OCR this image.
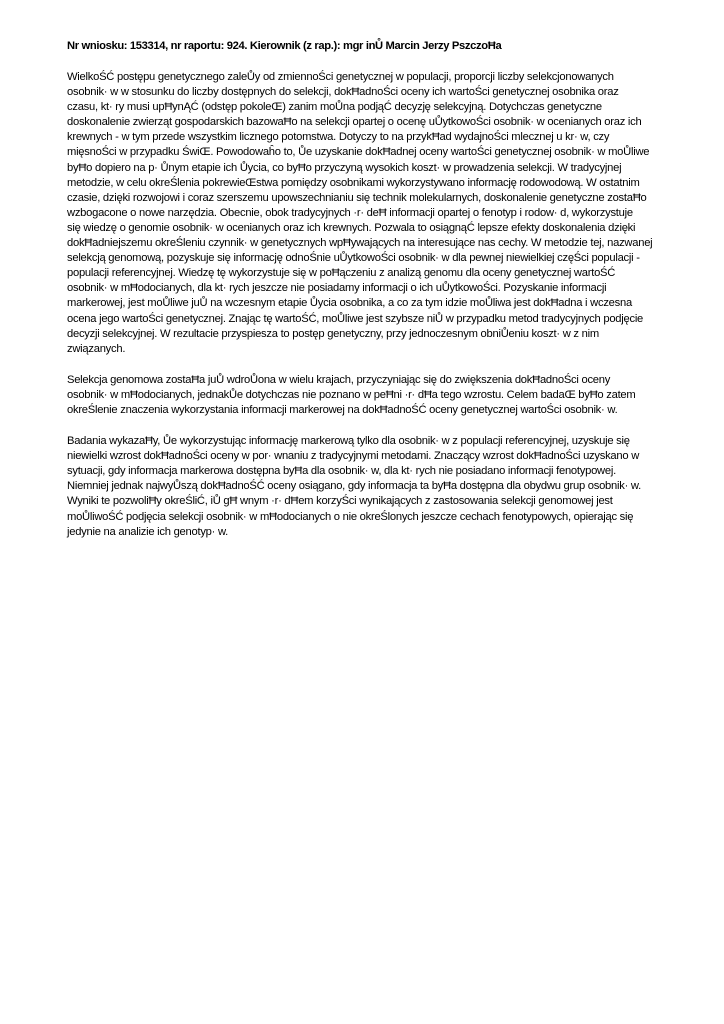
Nr wniosku: 153314, nr raportu: 924. Kierownik (z rap.): mgr inŮ Marcin Jerzy PszczoĦa
WielkoŚĆ postępu genetycznego zaleŮy od zmiennoŚci genetycznej w populacji, proporcji liczby selekcjonowanych
osobnik· w w stosunku do liczby dostępnych do selekcji, dokĦadnoŚci oceny ich wartoŚci genetycznej osobnika oraz
czasu, kt· ry musi upĦynĄĆ (odstęp pokoleŒ) zanim moŮna podjąĆ decyzję selekcyjną. Dotychczas genetyczne
doskonalenie zwierząt gospodarskich bazowaĦo na selekcji opartej o ocenę uŮytkowoŚci osobnik· w ocenianych oraz ich
krewnych - w tym przede wszystkim licznego potomstwa. Dotyczy to na przykĦad wydajnoŚci mlecznej u kr· w, czy
mięsnoŚci w przypadku ŚwiŒ. Powodowaĥo to, Ůe uzyskanie dokĦadnej oceny wartoŚci genetycznej osobnik· w moŮliwe
byĦo dopiero na p· Ůnym etapie ich Ůycia, co byĦo przyczyną wysokich koszt· w prowadzenia selekcji. W tradycyjnej
metodzie, w celu okreŚlenia pokrewieŒstwa pomiędzy osobnikami wykorzystywano informację rodowodową. W ostatnim
czasie, dzięki rozwojowi i coraz szerszemu upowszechnianiu się technik molekularnych, doskonalenie genetyczne zostaĦo
wzbogacone o nowe narzędzia. Obecnie, obok tradycyjnych ·r· deĦ informacji opartej o fenotyp i rodow· d, wykorzystuje
się wiedzę o genomie osobnik· w ocenianych oraz ich krewnych. Pozwala to osiągnąĆ lepsze efekty doskonalenia dzięki
dokĦadniejszemu okreŚleniu czynnik· w genetycznych wpĦywających na interesujące nas cechy. W metodzie tej, nazwanej
selekcją genomową, pozyskuje się informację odnoŚnie uŮytkowoŚci osobnik· w dla pewnej niewielkiej częŚci populacji -
populacji referencyjnej. Wiedzę tę wykorzystuje się w poĦączeniu z analizą genomu dla oceny genetycznej wartoŚĆ
osobnik· w mĦodocianych, dla kt· rych jeszcze nie posiadamy informacji o ich uŮytkowoŚci. Pozyskanie informacji
markerowej, jest moŮliwe juŮ na wczesnym etapie Ůycia osobnika, a co za tym idzie moŮliwa jest dokĦadna i wczesna
ocena jego wartoŚci genetycznej. Znając tę wartoŚĆ, moŮliwe jest szybsze niŮ w przypadku metod tradycyjnych podjęcie
decyzji selekcyjnej. W rezultacie przyspiesza to postęp genetyczny, przy jednoczesnym obniŮeniu koszt· w z nim
związanych.
Selekcja genomowa zostaĦa juŮ wdroŮona w wielu krajach, przyczyniając się do zwiększenia dokĦadnoŚci oceny
osobnik· w mĦodocianych, jednakŮe dotychczas nie poznano w peĦni ·r· dĦa tego wzrostu. Celem badaŒ byĦo zatem
okreŚlenie znaczenia wykorzystania informacji markerowej na dokĦadnoŚĆ oceny genetycznej wartoŚci osobnik· w.
Badania wykazaĦy, Ůe wykorzystując informację markerową tylko dla osobnik· w z populacji referencyjnej, uzyskuje się
niewielki wzrost dokĦadnoŚci oceny w por· wnaniu z tradycyjnymi metodami. Znaczący wzrost dokĦadnoŚci uzyskano w
sytuacji, gdy informacja markerowa dostępna byĦa dla osobnik· w, dla kt· rych nie posiadano informacji fenotypowej.
Niemniej jednak najwyŮszą dokĦadnoŚĆ oceny osiągano, gdy informacja ta byĦa dostępna dla obydwu grup osobnik· w.
Wyniki te pozwoliĦy okreŚliĆ, iŮ gĦ wnym ·r· dĦem korzyŚci wynikających z zastosowania selekcji genomowej jest
moŮliwoŚĆ podjęcia selekcji osobnik· w mĦodocianych o nie okreŚlonych jeszcze cechach fenotypowych, opierając się
jedynie na analizie ich genotyp· w.
